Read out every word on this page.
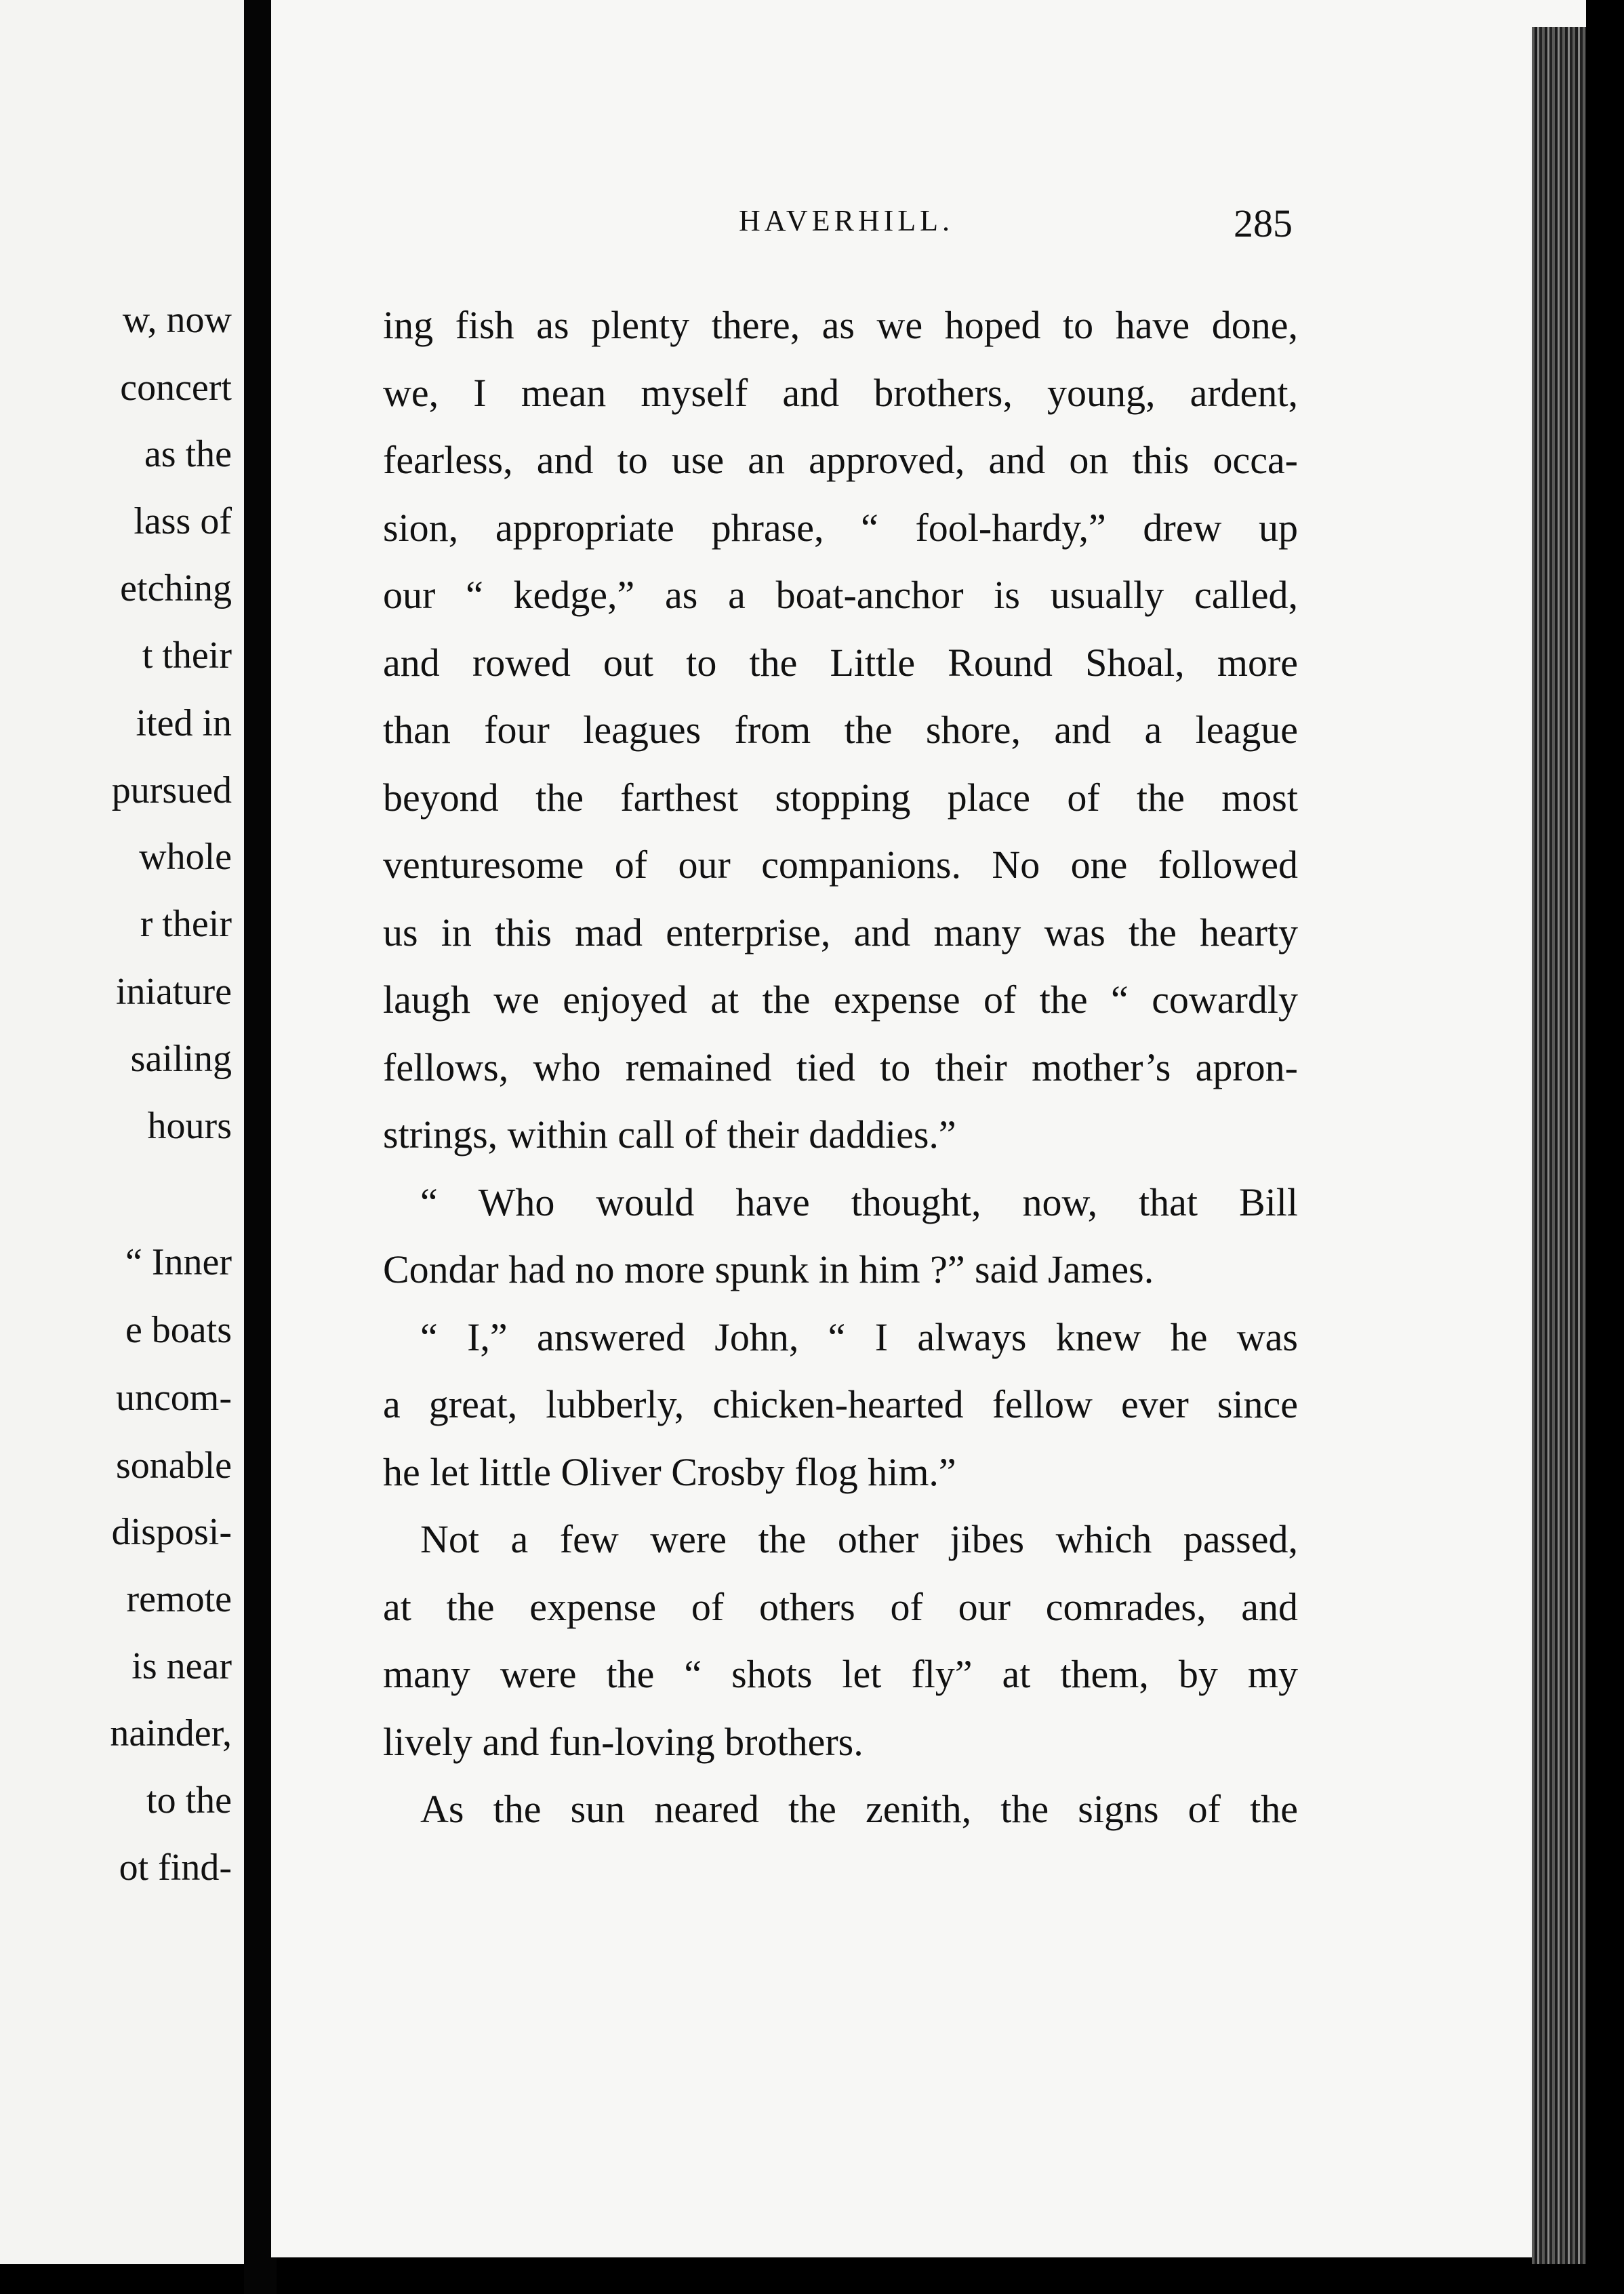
w, now
concert
as the
lass of
etching
t their
ited in
pursued
whole
r their
iniature
sailing
hours
“ Inner
e boats
uncom-
sonable
disposi-
remote
is near
nainder,
to the
ot find-
HAVERHILL.	285
ing fish as plenty there, as we hoped to have done,
we, I mean myself and brothers, young, ardent,
fearless, and to use an approved, and on this occa-
sion, appropriate phrase, “ fool-hardy,” drew up
our “ kedge,” as a boat-anchor is usually called,
and rowed out to the Little Round Shoal, more
than four leagues from the shore, and a league
beyond the farthest stopping place of the most
venturesome of our companions. No one followed
us in this mad enterprise, and many was the hearty
laugh we enjoyed at the expense of the “ cowardly
fellows, who remained tied to their mother’s apron-
strings, within call of their daddies.”
“ Who would have thought, now, that Bill
Condar had no more spunk in him ?” said James.
“ I,” answered John, “ I always knew he was
a great, lubberly, chicken-hearted fellow ever since
he let little Oliver Crosby flog him.”
Not a few were the other jibes which passed,
at the expense of others of our comrades, and
many were the “ shots let fly” at them, by my
lively and fun-loving brothers.
As the sun neared the zenith, the signs of the
